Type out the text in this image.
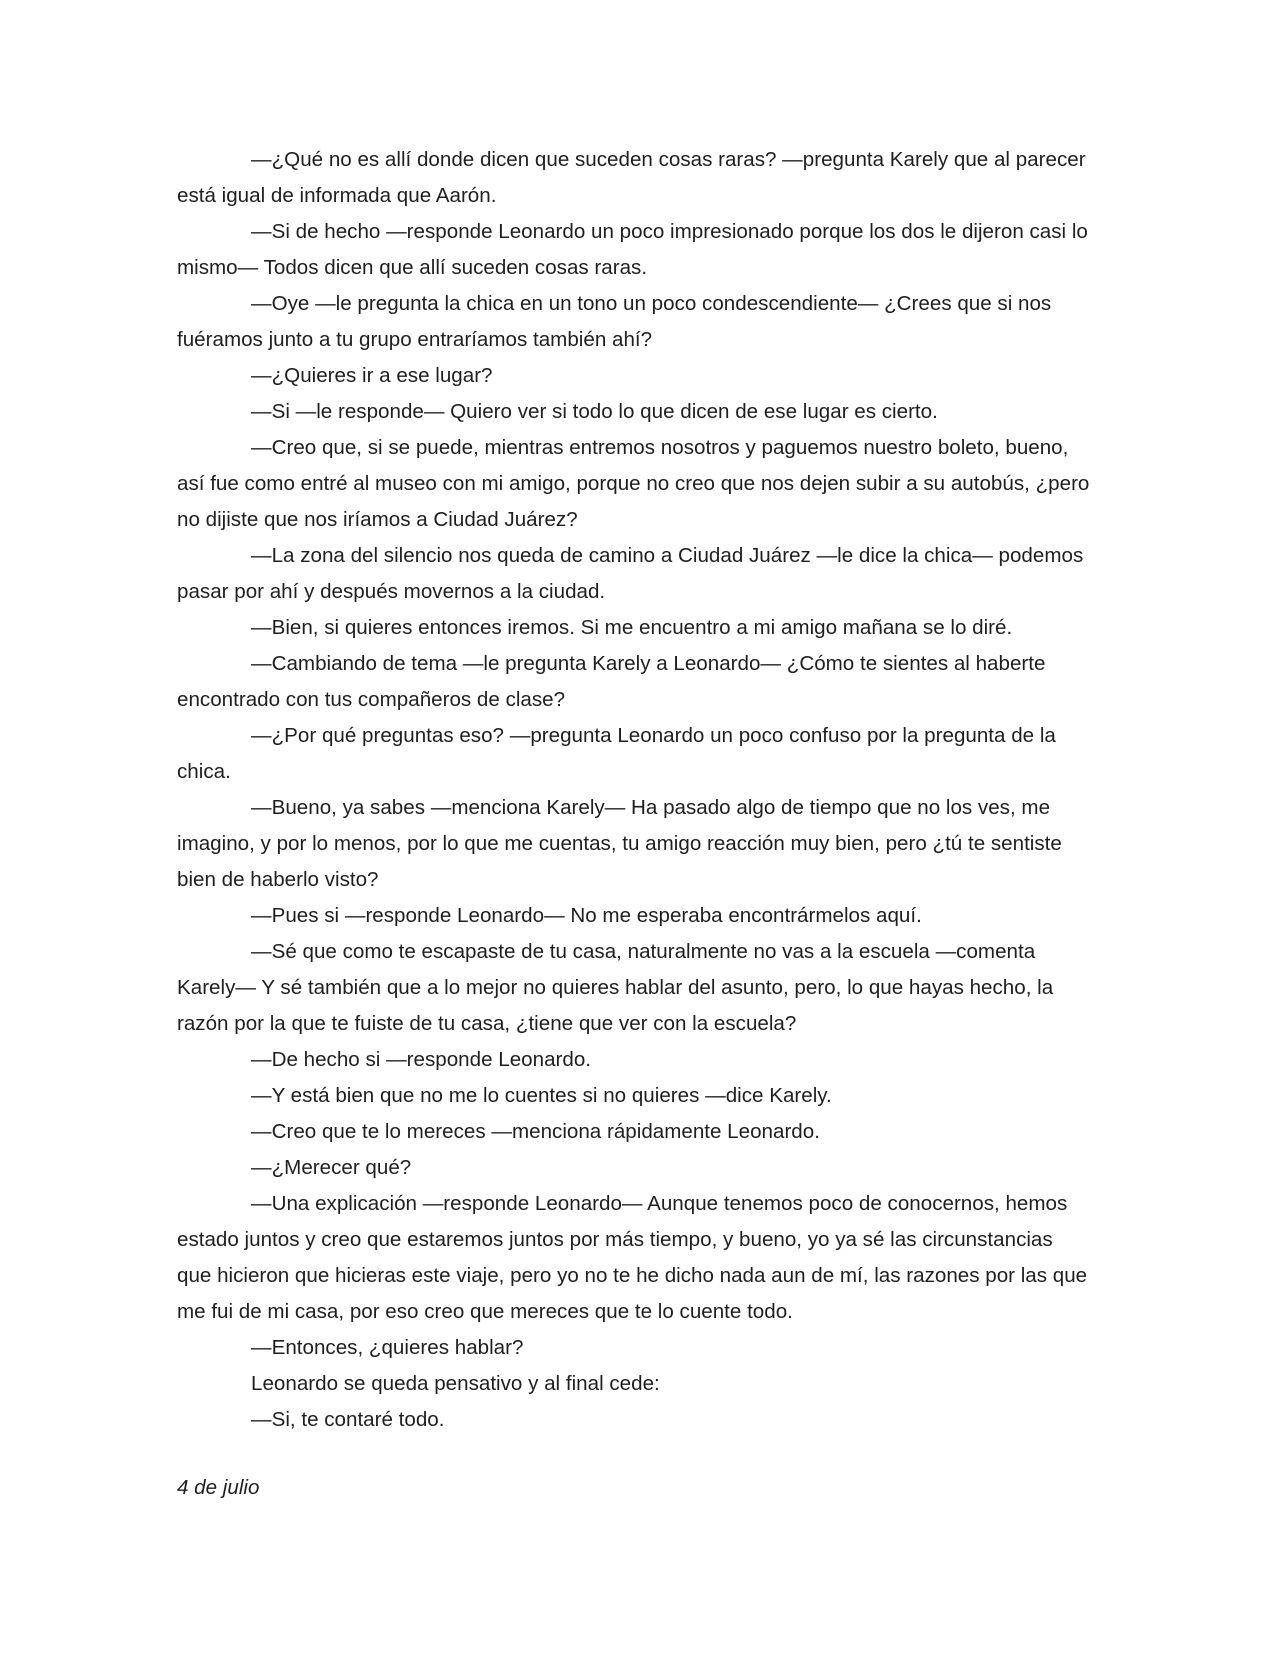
—¿Qué no es allí donde dicen que suceden cosas raras? —pregunta Karely que al parecer está igual de informada que Aarón.

—Si de hecho —responde Leonardo un poco impresionado porque los dos le dijeron casi lo mismo— Todos dicen que allí suceden cosas raras.

—Oye —le pregunta la chica en un tono un poco condescendiente— ¿Crees que si nos fuéramos junto a tu grupo entraríamos también ahí?

—¿Quieres ir a ese lugar?

—Si —le responde— Quiero ver si todo lo que dicen de ese lugar es cierto.

—Creo que, si se puede, mientras entremos nosotros y paguemos nuestro boleto, bueno, así fue como entré al museo con mi amigo, porque no creo que nos dejen subir a su autobús, ¿pero no dijiste que nos iríamos a Ciudad Juárez?

—La zona del silencio nos queda de camino a Ciudad Juárez —le dice la chica— podemos pasar por ahí y después movernos a la ciudad.

—Bien, si quieres entonces iremos. Si me encuentro a mi amigo mañana se lo diré.

—Cambiando de tema —le pregunta Karely a Leonardo— ¿Cómo te sientes al haberte encontrado con tus compañeros de clase?

—¿Por qué preguntas eso? —pregunta Leonardo un poco confuso por la pregunta de la chica.

—Bueno, ya sabes —menciona Karely— Ha pasado algo de tiempo que no los ves, me imagino, y por lo menos, por lo que me cuentas, tu amigo reacción muy bien, pero ¿tú te sentiste bien de haberlo visto?

—Pues si —responde Leonardo— No me esperaba encontrármelos aquí.

—Sé que como te escapaste de tu casa, naturalmente no vas a la escuela —comenta Karely— Y sé también que a lo mejor no quieres hablar del asunto, pero, lo que hayas hecho, la razón por la que te fuiste de tu casa, ¿tiene que ver con la escuela?

—De hecho si —responde Leonardo.

—Y está bien que no me lo cuentes si no quieres —dice Karely.

—Creo que te lo mereces —menciona rápidamente Leonardo.

—¿Merecer qué?

—Una explicación —responde Leonardo— Aunque tenemos poco de conocernos, hemos estado juntos y creo que estaremos juntos por más tiempo, y bueno, yo ya sé las circunstancias que hicieron que hicieras este viaje, pero yo no te he dicho nada aun de mí, las razones por las que me fui de mi casa, por eso creo que mereces que te lo cuente todo.

—Entonces, ¿quieres hablar?

Leonardo se queda pensativo y al final cede:

—Si, te contaré todo.

4 de julio
